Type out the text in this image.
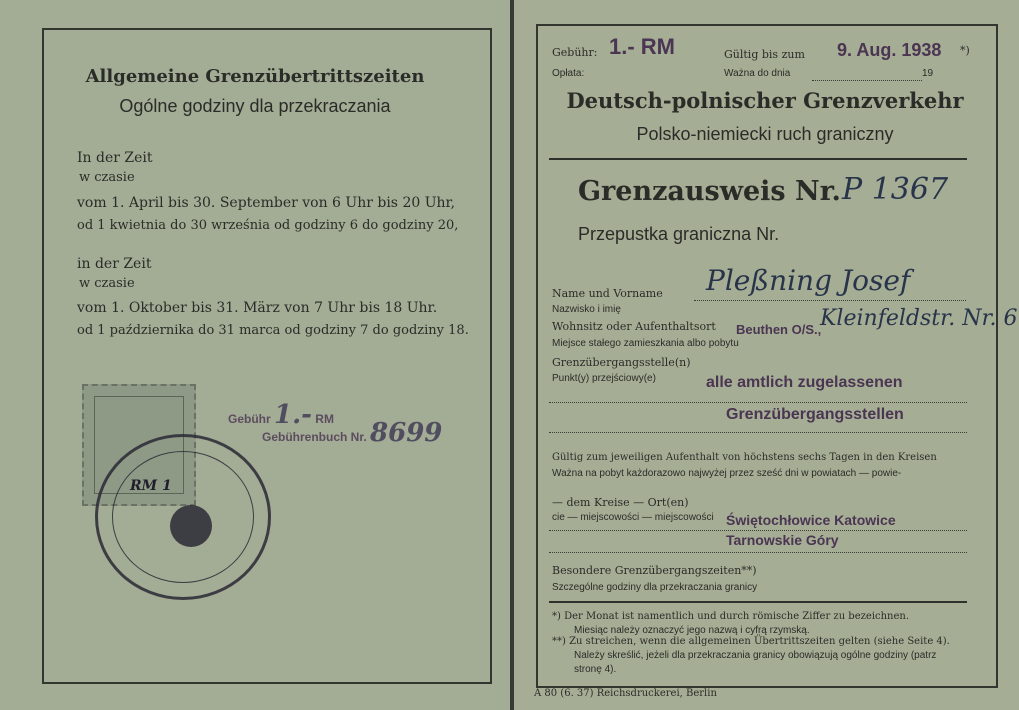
Allgemeine Grenzübertrittszeiten
Ogólne godziny dla przekraczania
In der Zeit
w czasie
vom 1. April bis 30. September von 6 Uhr bis 20 Uhr,
od 1 kwietnia do 30 września od godziny 6 do godziny 20,
in der Zeit
w czasie
vom 1. Oktober bis 31. März von 7 Uhr bis 18 Uhr.
od 1 października do 31 marca od godziny 7 do godziny 18.
Gebühr 1.- RM
Gebührenbuch Nr. 8699
RM 1
Gebühr: 1.- RM
Opłata:
Gültig bis zum 9. Aug. 1938 *)
Ważna do dnia	19
Deutsch-polnischer Grenzverkehr
Polsko-niemiecki ruch graniczny
Grenzausweis Nr. P 1367
Przepustka graniczna Nr.
Name und Vorname
Nazwisko i imię
Pleßning Josef
Wohnsitz oder Aufenthaltsort
Miejsce stałego zamieszkania albo pobytu
Beuthen O/S.,
Kleinfeldstr. Nr. 6
Grenzübergangsstelle(n)
Punkt(y) przejściowy(e)	alle amtlich zugelassenen
Grenzübergangsstellen
Gültig zum jeweiligen Aufenthalt von höchstens sechs Tagen in den Kreisen
Ważna na pobyt każdorazowo najwyżej przez sześć dni w powiatach — powie-
— dem Kreise — Ort(en)
cie — miejscowości — miejscowości Świętochłowice Katowice
Tarnowskie Góry
Besondere Grenzübergangszeiten**)
Szczególne godziny dla przekraczania granicy
*) Der Monat ist namentlich und durch römische Ziffer zu bezeichnen.
Miesiąc należy oznaczyć jego nazwą i cyfrą rzymską.
**) Zu streichen, wenn die allgemeinen Übertrittszeiten gelten (siehe Seite 4).
Należy skreślić, jeżeli dla przekraczania granicy obowiązują ogólne godziny (patrz
stronę 4).
A 80 (6. 37) Reichsdruckerei, Berlin
